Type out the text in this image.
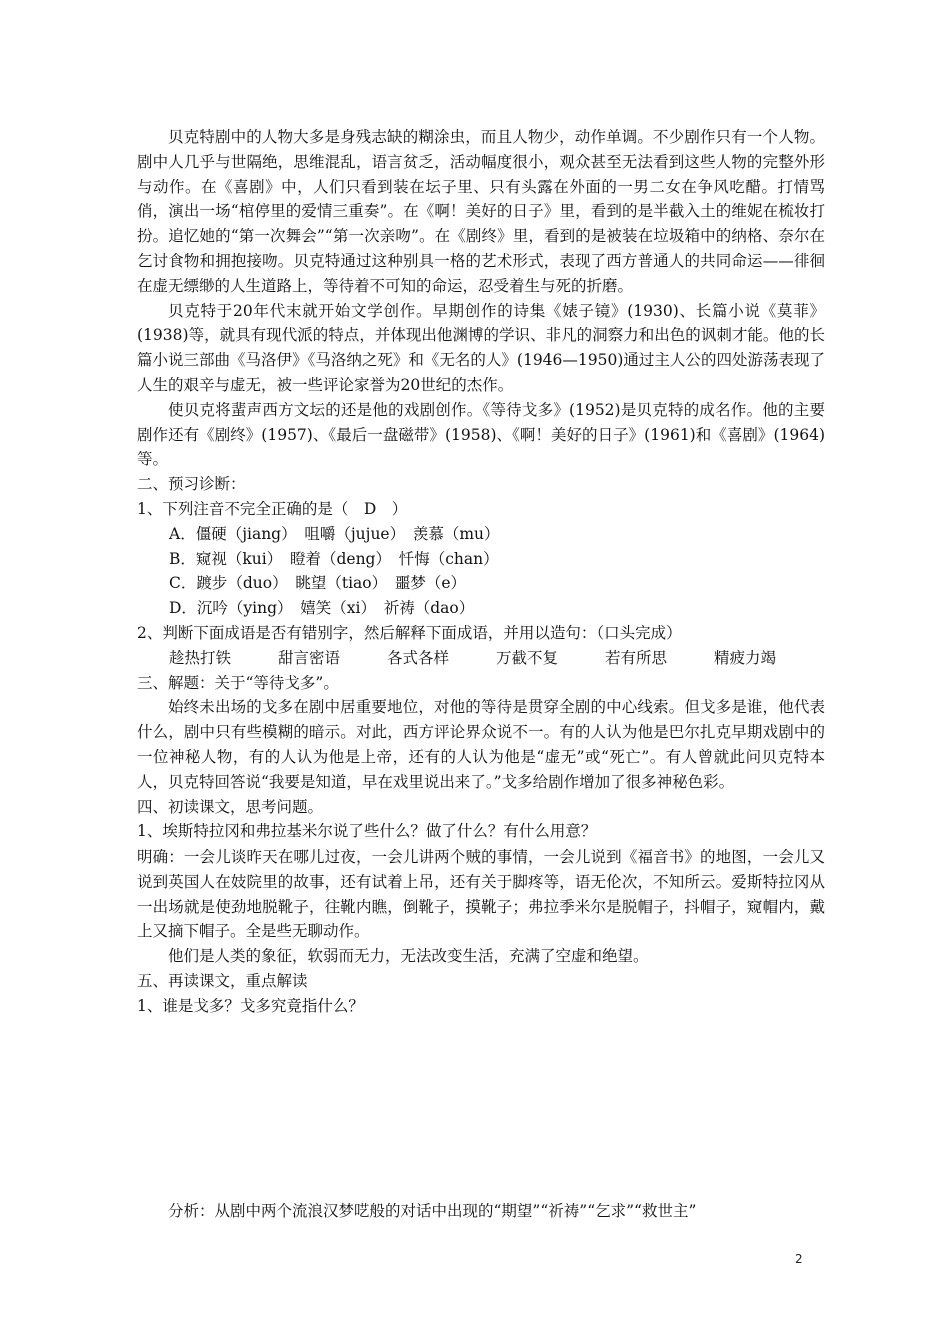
贝克特剧中的人物大多是身残志缺的糊涂虫，而且人物少，动作单调。不少剧作只有一个人物。剧中人几乎与世隔绝，思维混乱，语言贫乏，活动幅度很小，观众甚至无法看到这些人物的完整外形与动作。在《喜剧》中，人们只看到装在坛子里、只有头露在外面的一男二女在争风吃醋。打情骂俏，演出一场“棺停里的爱情三重奏”。在《啊！美好的日子》里，看到的是半截入土的维妮在梳妆打扮。追忆她的“第一次舞会”“第一次亲吻”。在《剧终》里，看到的是被装在垃圾箱中的纳格、奈尔在乞讨食物和拥抱接吻。贝克特通过这种别具一格的艺术形式，表现了西方普通人的共同命运——徘徊在虚无缥缈的人生道路上，等待着不可知的命运，忍受着生与死的折磨。

贝克特于20年代末就开始文学创作。早期创作的诗集《婊子镜》(1930)、长篇小说《莫菲》(1938)等，就具有现代派的特点，并体现出他渊博的学识、非凡的洞察力和出色的讽刺才能。他的长篇小说三部曲《马洛伊》《马洛纳之死》和《无名的人》(1946—1950)通过主人公的四处游荡表现了人生的艰辛与虚无，被一些评论家誉为20世纪的杰作。

使贝克将蜚声西方文坛的还是他的戏剧创作。《等待戈多》(1952)是贝克特的成名作。他的主要剧作还有《剧终》(1957)、《最后一盘磁带》(1958)、《啊！美好的日子》(1961)和《喜剧》(1964)等。

二、预习诊断：

1、下列注音不完全正确的是（　D　）

A．僵硬（jiang）　咀嚼（jujue）　羡慕（mu）

B．窥视（kui）　瞪着（deng）　忏悔（chan）

C．踱步（duo）　眺望（tiao）　噩梦（e）

D．沉吟（ying）　嬉笑（xi）　祈祷（dao）

2、判断下面成语是否有错别字，然后解释下面成语，并用以造句：（口头完成）

趁热打铁	甜言密语	各式各样	万截不复	若有所思	精疲力竭

三、解题：关于“等待戈多”。

始终未出场的戈多在剧中居重要地位，对他的等待是贯穿全剧的中心线索。但戈多是谁，他代表什么，剧中只有些模糊的暗示。对此，西方评论界众说不一。有的人认为他是巴尔扎克早期戏剧中的一位神秘人物，有的人认为他是上帝，还有的人认为他是“虚无”或“死亡”。有人曾就此问贝克特本人，贝克特回答说“我要是知道，早在戏里说出来了。”戈多给剧作增加了很多神秘色彩。

四、初读课文，思考问题。

1、埃斯特拉冈和弗拉基米尔说了些什么？做了什么？有什么用意？

明确：一会儿谈昨天在哪儿过夜，一会儿讲两个贼的事情，一会儿说到《福音书》的地图，一会儿又说到英国人在妓院里的故事，还有试着上吊，还有关于脚疼等，语无伦次，不知所云。爱斯特拉冈从一出场就是使劲地脱靴子，往靴内瞧，倒靴子，摸靴子；弗拉季米尔是脱帽子，抖帽子，窥帽内，戴上又摘下帽子。全是些无聊动作。

他们是人类的象征，软弱而无力，无法改变生活，充满了空虚和绝望。

五、再读课文，重点解读

1、谁是戈多？戈多究竟指什么？

分析：从剧中两个流浪汉梦呓般的对话中出现的“期望”“祈祷”“乞求”“救世主”

2
